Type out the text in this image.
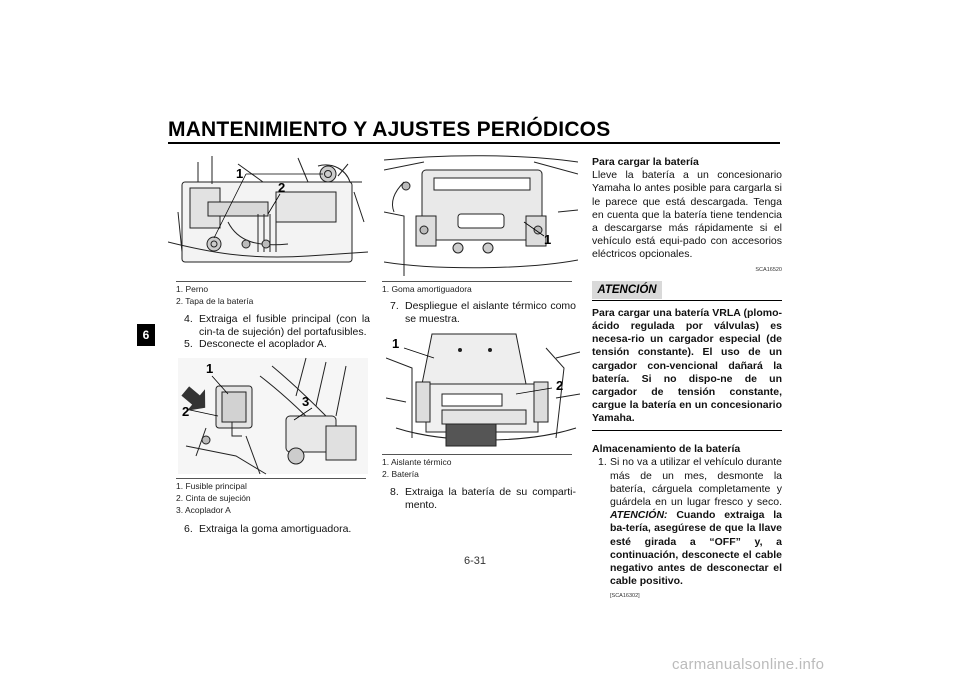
MANTENIMIENTO Y AJUSTES PERIÓDICOS
6
1
2
1. Perno
2. Tapa de la batería
4. Extraiga el fusible principal (con la cin-ta de sujeción) del portafusibles.
5. Desconecte el acoplador A.
1
2
3
1. Fusible principal
2. Cinta de sujeción
3. Acoplador A
6. Extraiga la goma amortiguadora.
1
1. Goma amortiguadora
7. Despliegue el aislante térmico como se muestra.
1
2
1. Aislante térmico
2. Batería
8. Extraiga la batería de su comparti-mento.
Para cargar la batería
Lleve la batería a un concesionario Yamaha lo antes posible para cargarla si le parece que está descargada. Tenga en cuenta que la batería tiene tendencia a descargarse más rápidamente si el vehículo está equi-pado con accesorios eléctricos opcionales.
SCA16520
ATENCIÓN
Para cargar una batería VRLA (plomo-ácido regulada por válvulas) es necesa-rio un cargador especial (de tensión constante). El uso de un cargador con-vencional dañará la batería. Si no dispo-ne de un cargador de tensión constante, cargue la batería en un concesionario Yamaha.
Almacenamiento de la batería
1. Si no va a utilizar el vehículo durante más de un mes, desmonte la batería, cárguela completamente y guárdela en un lugar fresco y seco. ATENCIÓN: Cuando extraiga la ba-tería, asegúrese de que la llave esté girada a “OFF” y, a continuación, desconecte el cable negativo antes de desconectar el cable positivo.
[SCA16302]
6-31
carmanualsonline.info
